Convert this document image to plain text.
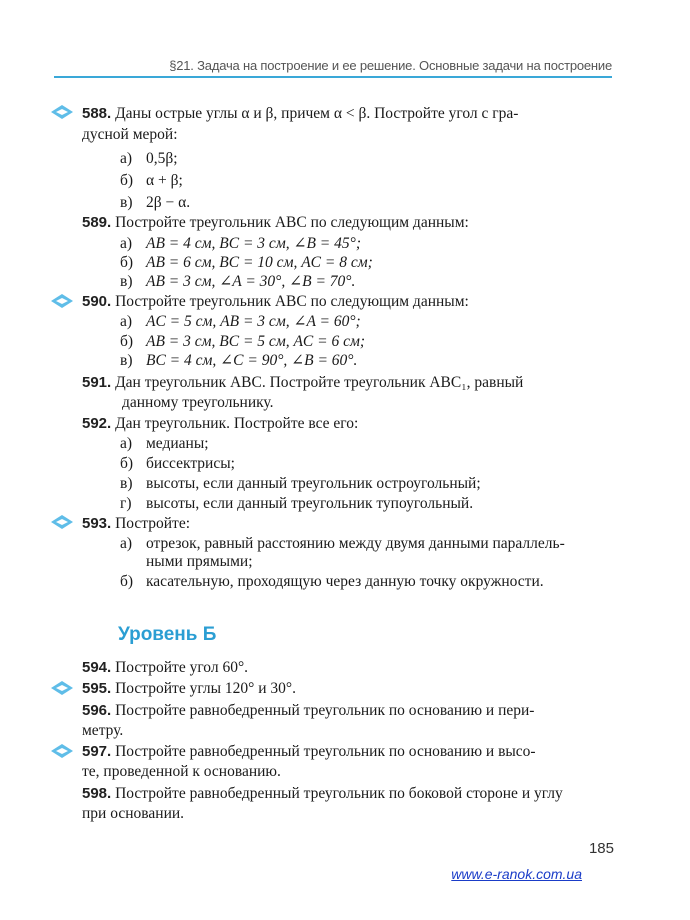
§21. Задача на построение и ее решение. Основные задачи на построение
588. Даны острые углы α и β, причем α < β. Постройте угол с гра-
дусной мерой:
а) 0,5β;
б) α + β;
в) 2β − α.
589. Постройте треугольник ABC по следующим данным:
а) AB = 4 см, BC = 3 см, ∠B = 45°;
б) AB = 6 см, BC = 10 см, AC = 8 см;
в) AB = 3 см, ∠A = 30°, ∠B = 70°.
590. Постройте треугольник ABC по следующим данным:
а) AC = 5 см, AB = 3 см, ∠A = 60°;
б) AB = 3 см, BC = 5 см, AC = 6 см;
в) BC = 4 см, ∠C = 90°, ∠B = 60°.
591. Дан треугольник ABC. Постройте треугольник ABC₁, равный
данному треугольнику.
592. Дан треугольник. Постройте все его:
а) медианы;
б) биссектрисы;
в) высоты, если данный треугольник остроугольный;
г) высоты, если данный треугольник тупоугольный.
593. Постройте:
а) отрезок, равный расстоянию между двумя данными параллель-
ными прямыми;
б) касательную, проходящую через данную точку окружности.
Уровень Б
594. Постройте угол 60°.
595. Постройте углы 120° и 30°.
596. Постройте равнобедренный треугольник по основанию и пери-
метру.
597. Постройте равнобедренный треугольник по основанию и высо-
те, проведенной к основанию.
598. Постройте равнобедренный треугольник по боковой стороне и углу
при основании.
185
www.e-ranok.com.ua
